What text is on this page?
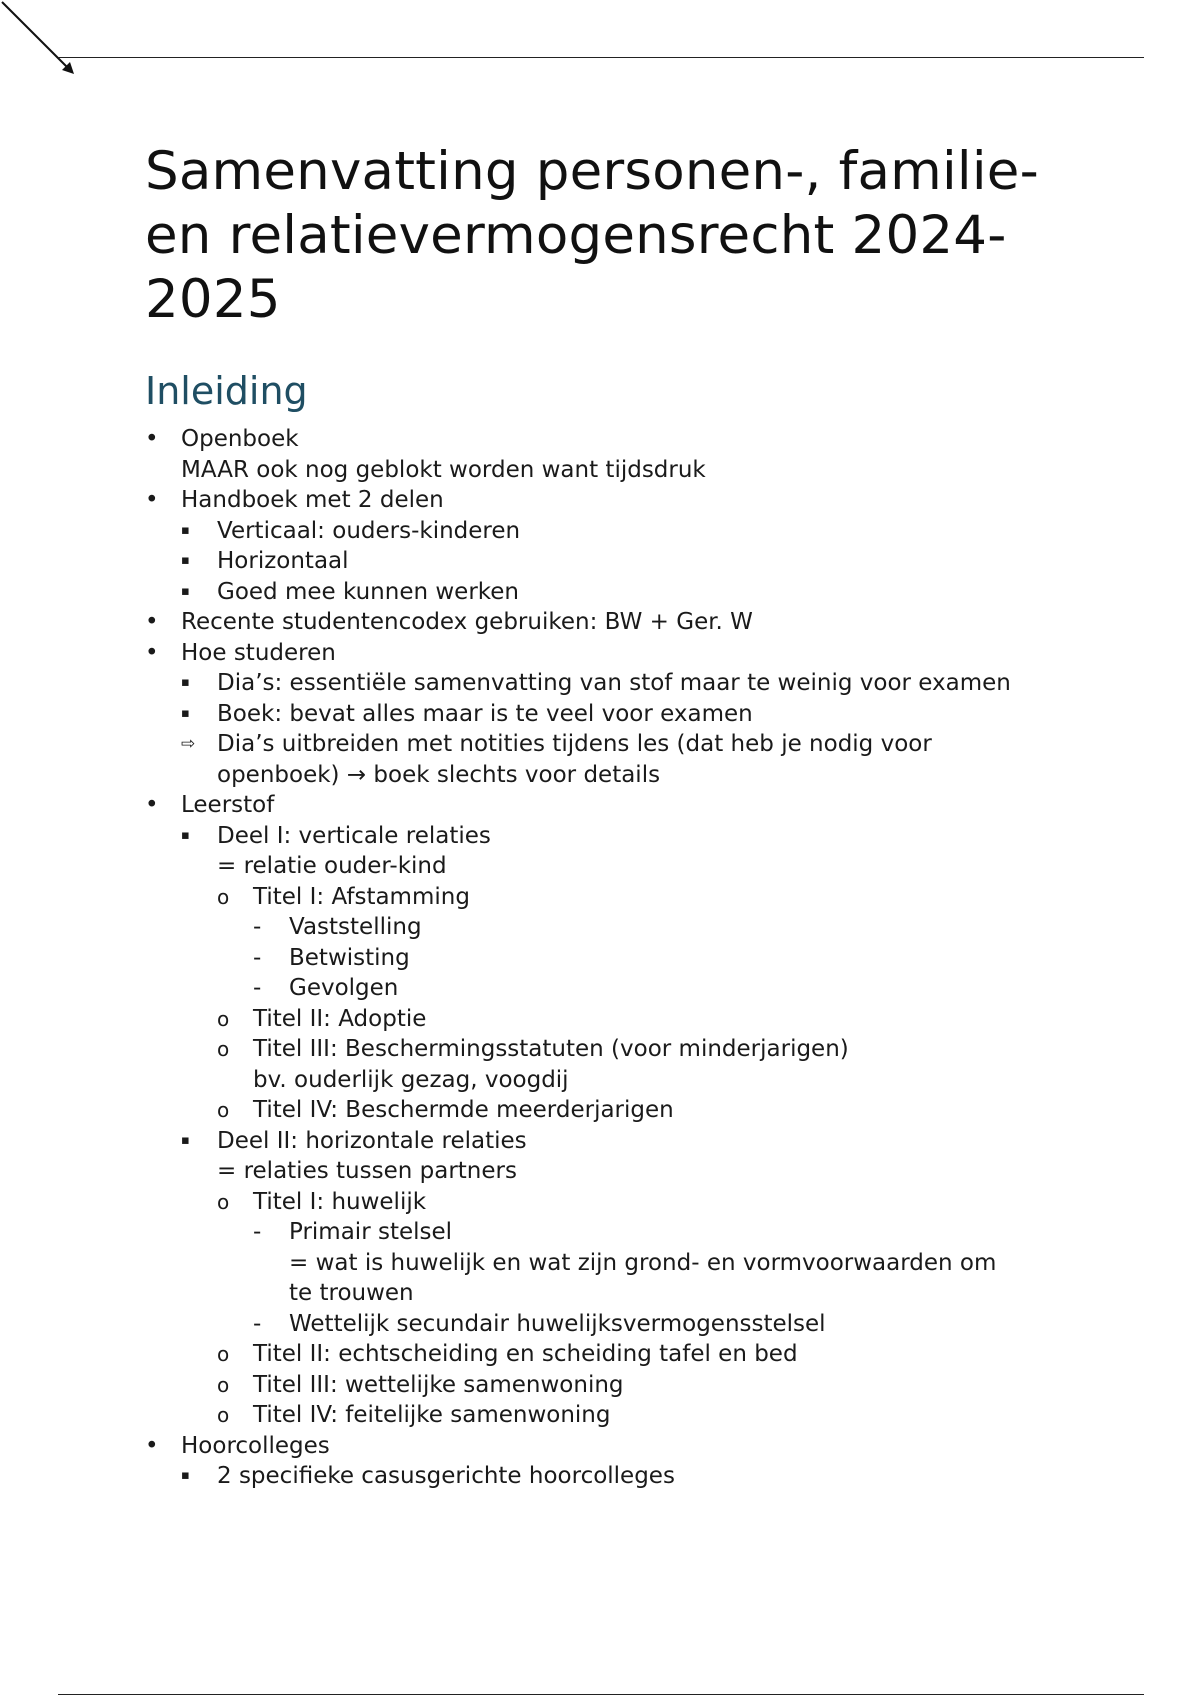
Samenvatting personen-, familie- en relatievermogensrecht 2024-2025
Inleiding
• Openboek
MAAR ook nog geblokt worden want tijdsdruk
• Handboek met 2 delen
▪	Verticaal: ouders-kinderen
▪	Horizontaal
▪	Goed mee kunnen werken
• Recente studentencodex gebruiken: BW + Ger. W
• Hoe studeren
▪	Dia’s: essentiële samenvatting van stof maar te weinig voor examen
▪	Boek: bevat alles maar is te veel voor examen
⇨ Dia’s uitbreiden met notities tijdens les (dat heb je nodig voor
openboek) → boek slechts voor details
• Leerstof
▪	Deel I: verticale relaties
= relatie ouder-kind
o	Titel I: Afstamming
-	Vaststelling
-	Betwisting
-	Gevolgen
o	Titel II: Adoptie
o	Titel III: Beschermingsstatuten (voor minderjarigen)
bv. ouderlijk gezag, voogdij
o	Titel IV: Beschermde meerderjarigen
▪	Deel II: horizontale relaties
= relaties tussen partners
o	Titel I: huwelijk
-	Primair stelsel
= wat is huwelijk en wat zijn grond- en vormvoorwaarden om
te trouwen
-	Wettelijk secundair huwelijksvermogensstelsel
o	Titel II: echtscheiding en scheiding tafel en bed
o	Titel III: wettelijke samenwoning
o	Titel IV: feitelijke samenwoning
• Hoorcolleges
▪	2 specifieke casusgerichte hoorcolleges
